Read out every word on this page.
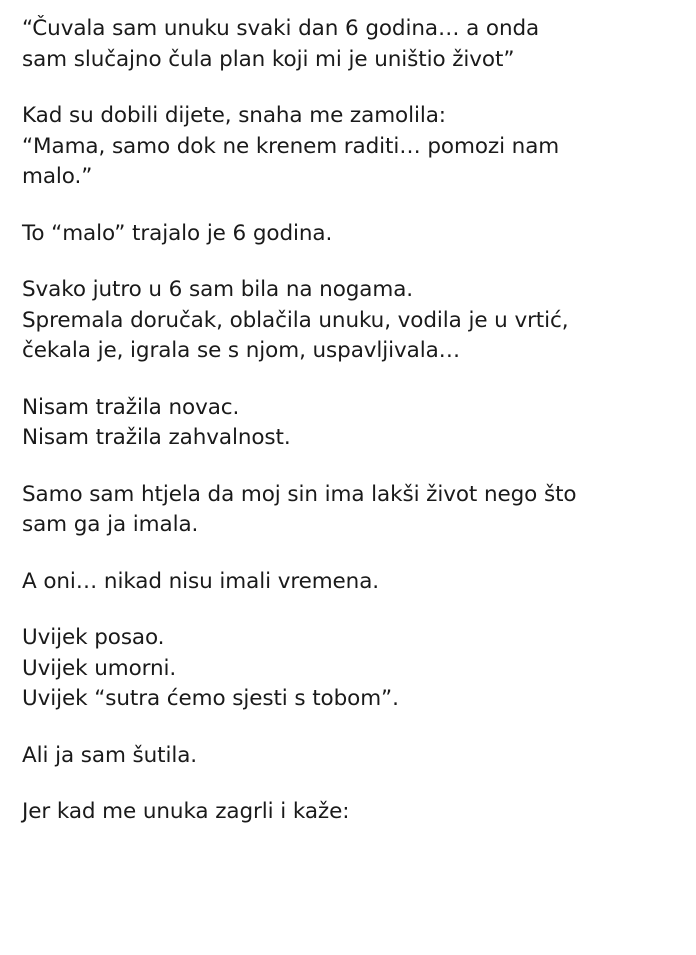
“Čuvala sam unuku svaki dan 6 godina… a onda
sam slučajno čula plan koji mi je uništio život”

Kad su dobili dijete, snaha me zamolila:
“Mama, samo dok ne krenem raditi… pomozi nam
malo.”

To “malo” trajalo je 6 godina.

Svako jutro u 6 sam bila na nogama.
Spremala doručak, oblačila unuku, vodila je u vrtić,
čekala je, igrala se s njom, uspavljivala…

Nisam tražila novac.
Nisam tražila zahvalnost.

Samo sam htjela da moj sin ima lakši život nego što
sam ga ja imala.

A oni… nikad nisu imali vremena.

Uvijek posao.
Uvijek umorni.
Uvijek “sutra ćemo sjesti s tobom”.

Ali ja sam šutila.

Jer kad me unuka zagrli i kaže:
